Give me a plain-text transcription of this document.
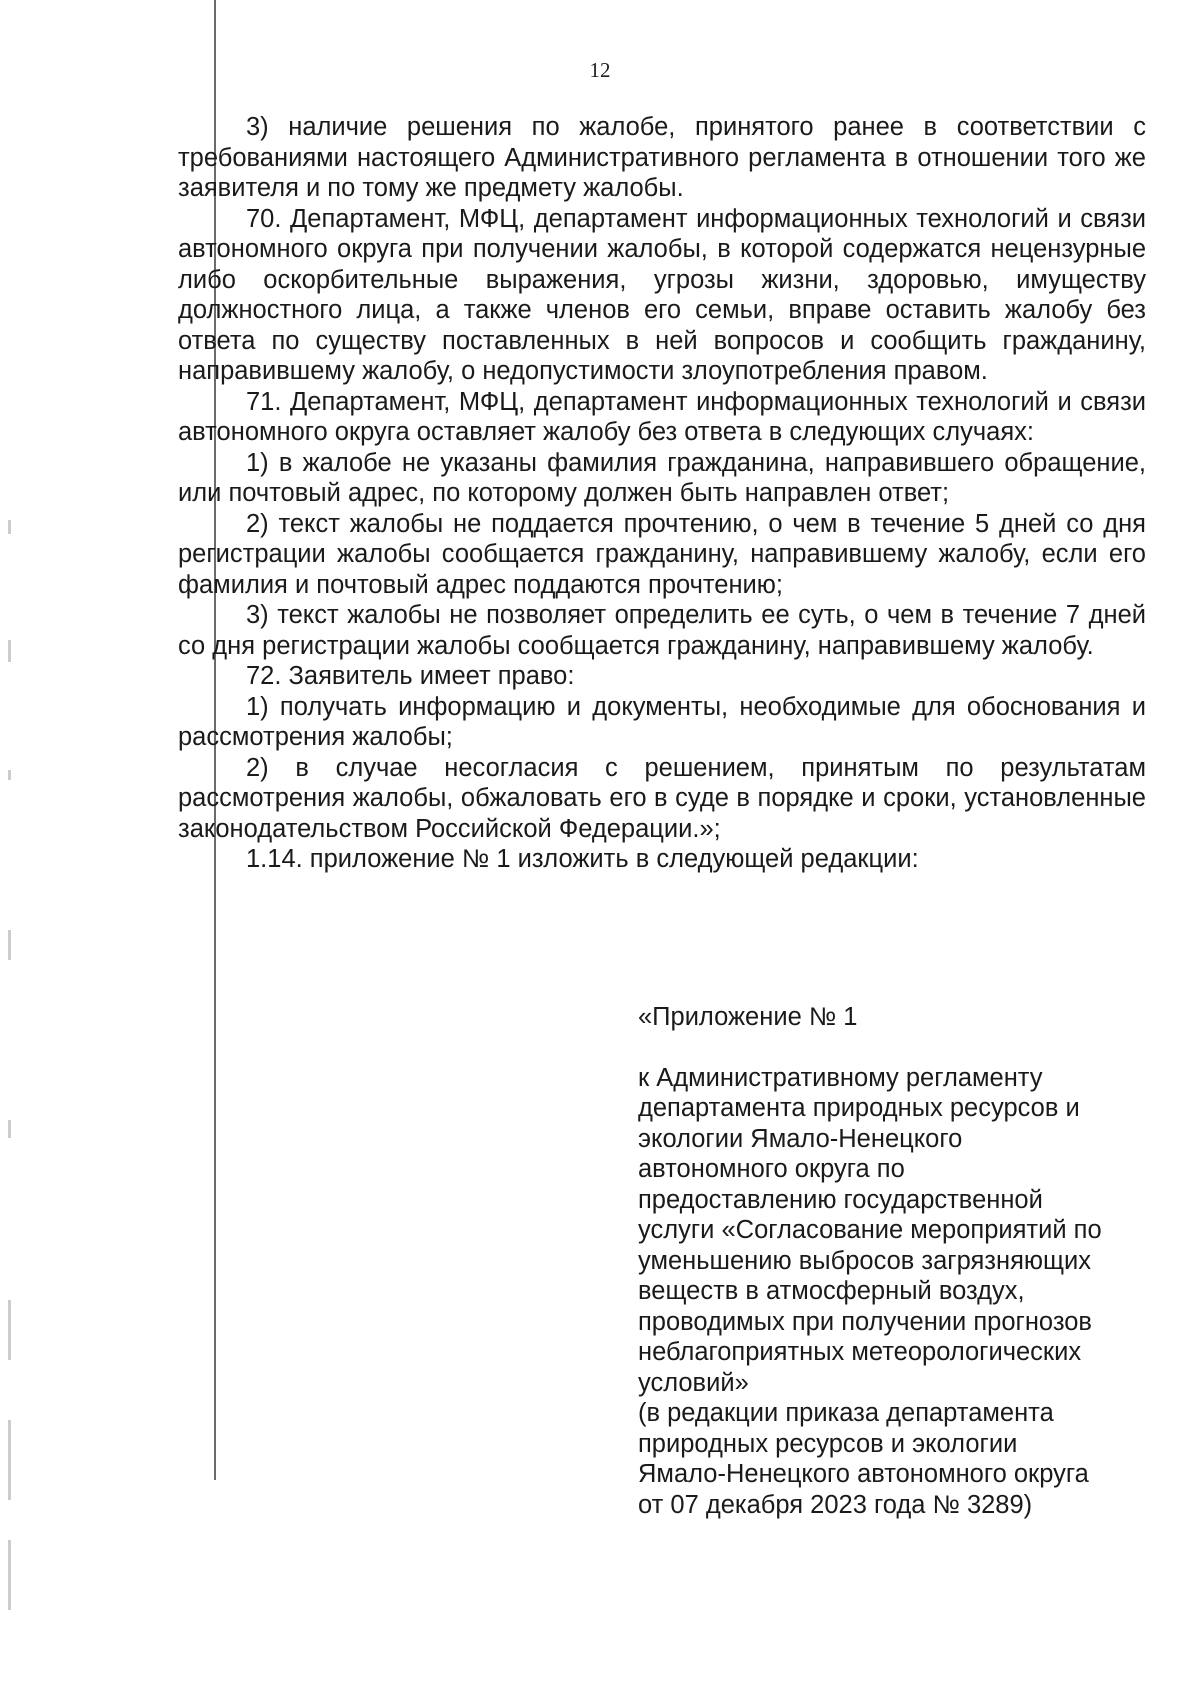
12

3) наличие решения по жалобе, принятого ранее в соответствии с требованиями настоящего Административного регламента в отношении того же заявителя и по тому же предмету жалобы.

70. Департамент, МФЦ, департамент информационных технологий и связи автономного округа при получении жалобы, в которой содержатся нецензурные либо оскорбительные выражения, угрозы жизни, здоровью, имуществу должностного лица, а также членов его семьи, вправе оставить жалобу без ответа по существу поставленных в ней вопросов и сообщить гражданину, направившему жалобу, о недопустимости злоупотребления правом.

71. Департамент, МФЦ, департамент информационных технологий и связи автономного округа оставляет жалобу без ответа в следующих случаях:

1) в жалобе не указаны фамилия гражданина, направившего обращение, или почтовый адрес, по которому должен быть направлен ответ;

2) текст жалобы не поддается прочтению, о чем в течение 5 дней со дня регистрации жалобы сообщается гражданину, направившему жалобу, если его фамилия и почтовый адрес поддаются прочтению;

3) текст жалобы не позволяет определить ее суть, о чем в течение 7 дней со дня регистрации жалобы сообщается гражданину, направившему жалобу.

72. Заявитель имеет право:

1) получать информацию и документы, необходимые для обоснования и рассмотрения жалобы;

2) в случае несогласия с решением, принятым по результатам рассмотрения жалобы, обжаловать его в суде в порядке и сроки, установленные законодательством Российской Федерации.»;

1.14. приложение № 1 изложить в следующей редакции:

«Приложение № 1
к Административному регламенту
департамента природных ресурсов и
экологии Ямало-Ненецкого
автономного округа по
предоставлению государственной
услуги «Согласование мероприятий по
уменьшению выбросов загрязняющих
веществ в атмосферный воздух,
проводимых при получении прогнозов
неблагоприятных метеорологических
условий»
(в редакции приказа департамента
природных ресурсов и экологии
Ямало-Ненецкого автономного округа
от 07 декабря 2023 года № 3289)
